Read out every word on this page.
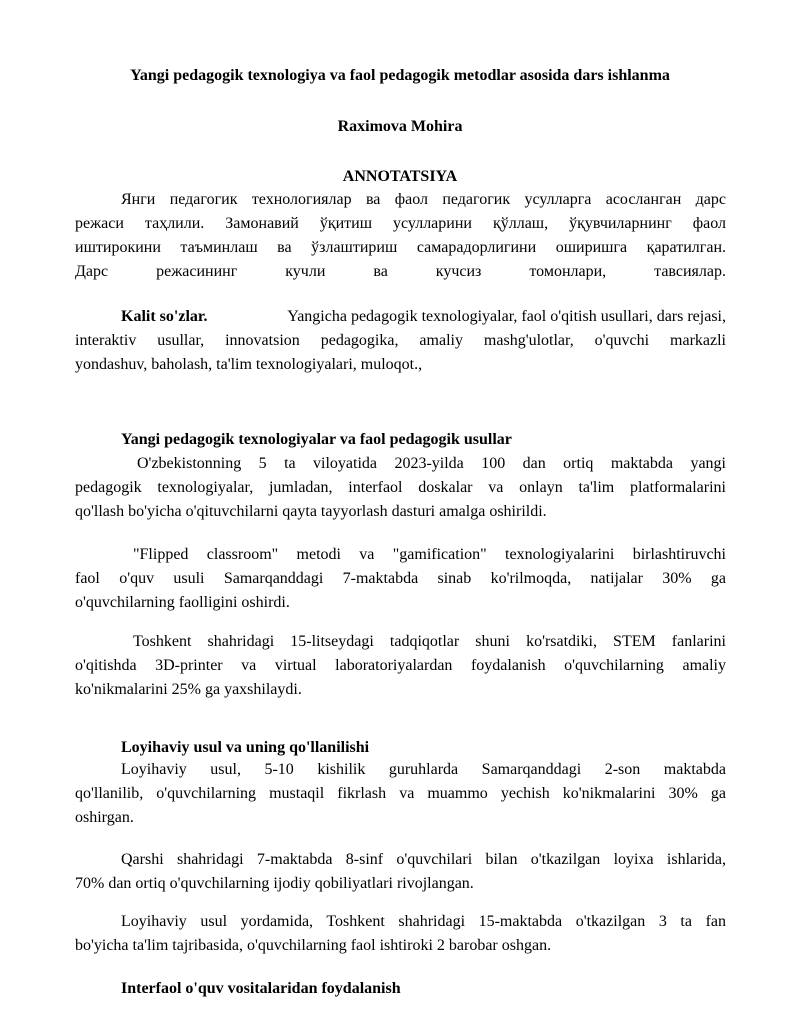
Yangi pedagogik texnologiya va faol pedagogik metodlar asosida dars ishlanma
Raximova Mohira
ANNOTATSIYA
Янги педагогик технологиялар ва фаол педагогик усулларга асосланган дарс
режаси таҳлили. Замонавий ўқитиш усулларини қўллаш, ўқувчиларнинг фаол
иштирокини таъминлаш ва ўзлаштириш самарадорлигини оширишга қаратилган.
Дарс режасининг кучли ва кучсиз томонлари, тавсиялар.
Kalit so'zlar.	Yangicha pedagogik texnologiyalar, faol o'qitish usullari, dars rejasi,
interaktiv usullar, innovatsion pedagogika, amaliy mashg'ulotlar, o'quvchi markazli
yondashuv, baholash, ta'lim texnologiyalari, muloqot.,
Yangi pedagogik texnologiyalar va faol pedagogik usullar
O'zbekistonning 5 ta viloyatida 2023-yilda 100 dan ortiq maktabda yangi
pedagogik texnologiyalar, jumladan, interfaol doskalar va onlayn ta'lim platformalarini
qo'llash bo'yicha o'qituvchilarni qayta tayyorlash dasturi amalga oshirildi.
"Flipped classroom" metodi va "gamification" texnologiyalarini birlashtiruvchi
faol o'quv usuli Samarqanddagi 7-maktabda sinab ko'rilmoqda, natijalar 30% ga
o'quvchilarning faolligini oshirdi.
Toshkent shahridagi 15-litseydagi tadqiqotlar shuni ko'rsatdiki, STEM fanlarini
o'qitishda 3D-printer va virtual laboratoriyalardan foydalanish o'quvchilarning amaliy
ko'nikmalarini 25% ga yaxshilaydi.
Loyihaviy usul va uning qo'llanilishi
Loyihaviy usul, 5-10 kishilik guruhlarda Samarqanddagi 2-son maktabda
qo'llanilib, o'quvchilarning mustaqil fikrlash va muammo yechish ko'nikmalarini 30% ga
oshirgan.
Qarshi shahridagi 7-maktabda 8-sinf o'quvchilari bilan o'tkazilgan loyixa ishlarida,
70% dan ortiq o'quvchilarning ijodiy qobiliyatlari rivojlangan.
Loyihaviy usul yordamida, Toshkent shahridagi 15-maktabda o'tkazilgan 3 ta fan
bo'yicha ta'lim tajribasida, o'quvchilarning faol ishtiroki 2 barobar oshgan.
Interfaol o'quv vositalaridan foydalanish
